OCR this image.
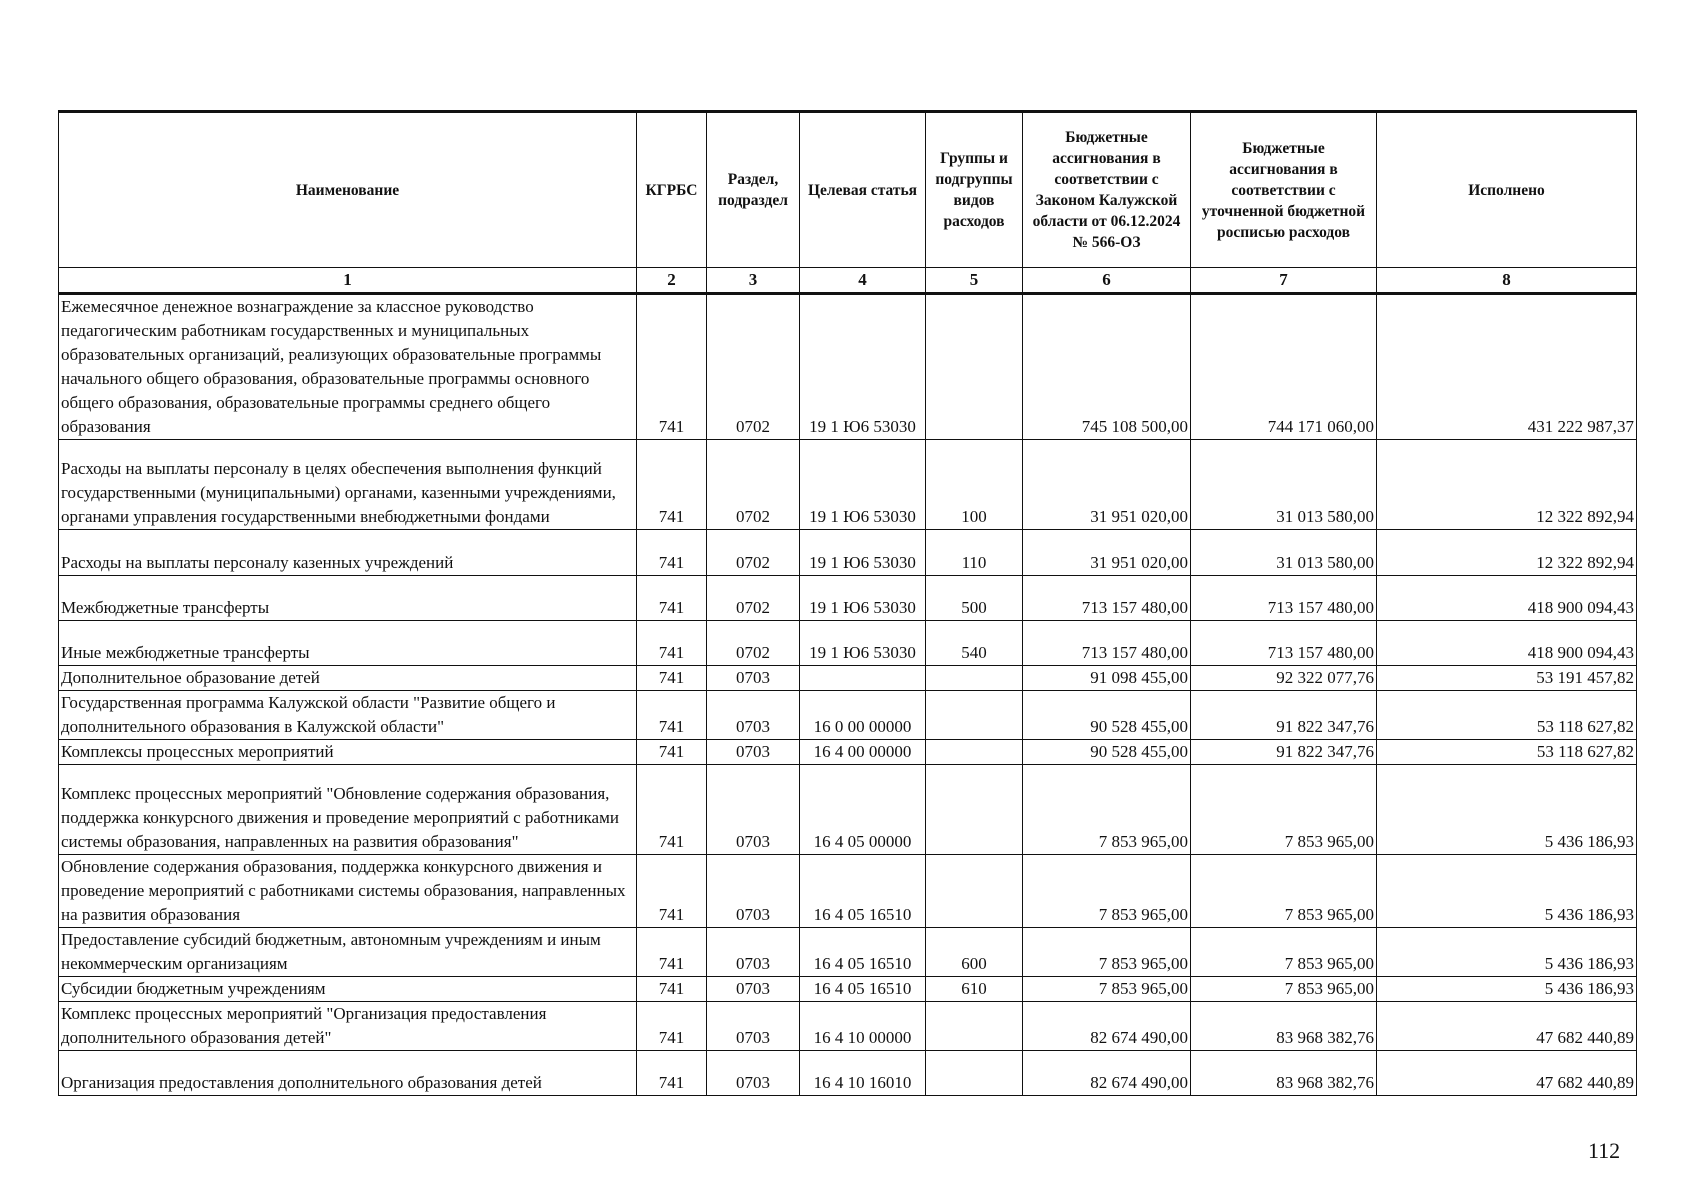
Наименование	КГРБС	Раздел, подраздел	Целевая статья	Группы и подгруппы видов расходов	Бюджетные ассигнования в соответствии с Законом Калужской области от 06.12.2024 № 566-ОЗ	Бюджетные ассигнования в соответствии с уточненной бюджетной росписью расходов	Исполнено
1	2	3	4	5	6	7	8
Ежемесячное денежное вознаграждение за классное руководство педагогическим работникам государственных и муниципальных образовательных организаций, реализующих образовательные программы начального общего образования, образовательные программы основного общего образования, образовательные программы среднего общего образования	741	0702	19 1 Ю6 53030		745 108 500,00	744 171 060,00	431 222 987,37
Расходы на выплаты персоналу в целях обеспечения выполнения функций государственными (муниципальными) органами, казенными учреждениями, органами управления государственными внебюджетными фондами	741	0702	19 1 Ю6 53030	100	31 951 020,00	31 013 580,00	12 322 892,94
Расходы на выплаты персоналу казенных учреждений	741	0702	19 1 Ю6 53030	110	31 951 020,00	31 013 580,00	12 322 892,94
Межбюджетные трансферты	741	0702	19 1 Ю6 53030	500	713 157 480,00	713 157 480,00	418 900 094,43
Иные межбюджетные трансферты	741	0702	19 1 Ю6 53030	540	713 157 480,00	713 157 480,00	418 900 094,43
Дополнительное образование детей	741	0703			91 098 455,00	92 322 077,76	53 191 457,82
Государственная программа Калужской области "Развитие общего и дополнительного образования в Калужской области"	741	0703	16 0 00 00000		90 528 455,00	91 822 347,76	53 118 627,82
Комплексы процессных мероприятий	741	0703	16 4 00 00000		90 528 455,00	91 822 347,76	53 118 627,82
Комплекс процессных мероприятий "Обновление содержания образования, поддержка конкурсного движения и проведение мероприятий с работниками системы образования, направленных на развития образования"	741	0703	16 4 05 00000		7 853 965,00	7 853 965,00	5 436 186,93
Обновление содержания образования, поддержка конкурсного движения и проведение мероприятий с работниками системы образования, направленных на развития образования	741	0703	16 4 05 16510		7 853 965,00	7 853 965,00	5 436 186,93
Предоставление субсидий бюджетным, автономным учреждениям и иным некоммерческим организациям	741	0703	16 4 05 16510	600	7 853 965,00	7 853 965,00	5 436 186,93
Субсидии бюджетным учреждениям	741	0703	16 4 05 16510	610	7 853 965,00	7 853 965,00	5 436 186,93
Комплекс процессных мероприятий "Организация предоставления дополнительного образования детей"	741	0703	16 4 10 00000		82 674 490,00	83 968 382,76	47 682 440,89
Организация предоставления дополнительного образования детей	741	0703	16 4 10 16010		82 674 490,00	83 968 382,76	47 682 440,89
112
